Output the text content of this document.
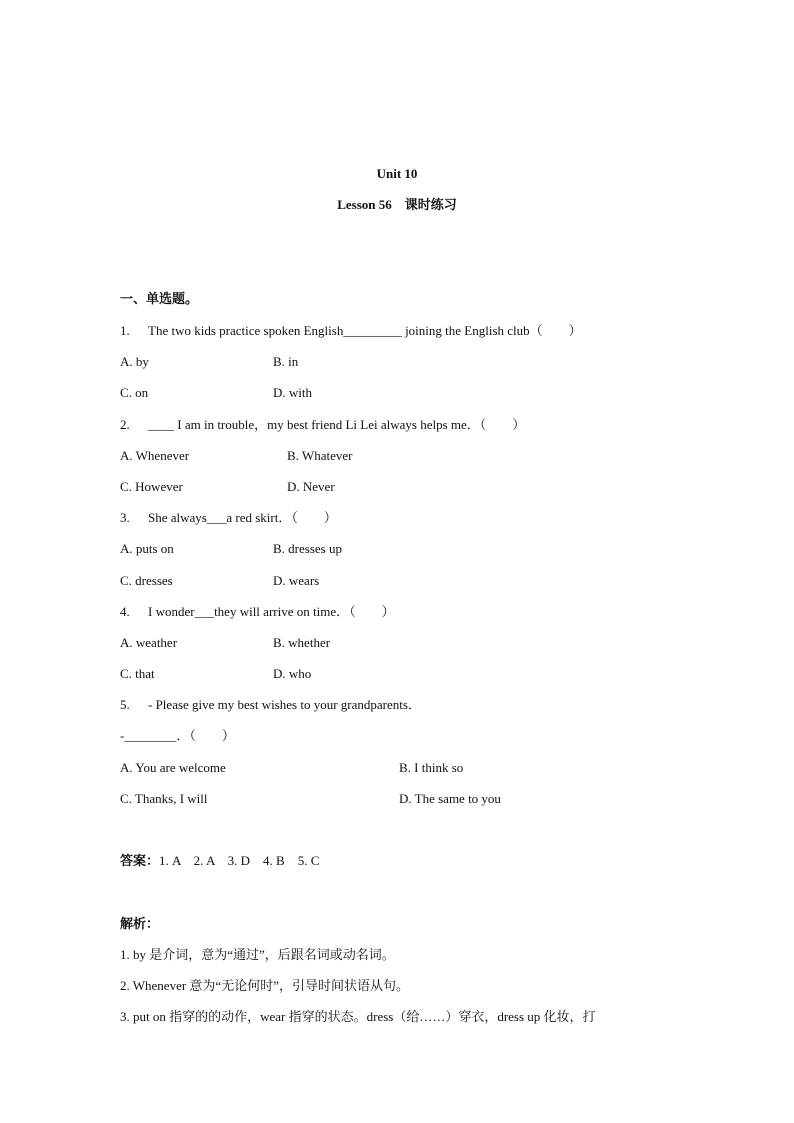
Unit 10
Lesson 56　课时练习
一、单选题。
1. The two kids practice spoken English_________ joining the English club（　　）
A. by	B. in
C. on	D. with
2. ____ I am in trouble，my best friend Li Lei always helps me．（　　）
A. Whenever	B. Whatever
C. However	D. Never
3. She always___a red skirt．（　　）
A. puts on	B. dresses up
C. dresses	D. wears
4. I wonder___they will arrive on time．（　　）
A. weather	B. whether
C. that	D. who
5. - Please give my best wishes to your grandparents．
-________．（　　）
A. You are welcome	B. I think so
C. Thanks, I will	D. The same to you
答案：1. A　2. A　3. D　4. B　5. C
解析：
1. by 是介词，意为“通过”，后跟名词或动名词。
2. Whenever 意为“无论何时”，引导时间状语从句。
3. put on 指穿的的动作，wear 指穿的状态。dress（给……）穿衣，dress up 化妆，打
